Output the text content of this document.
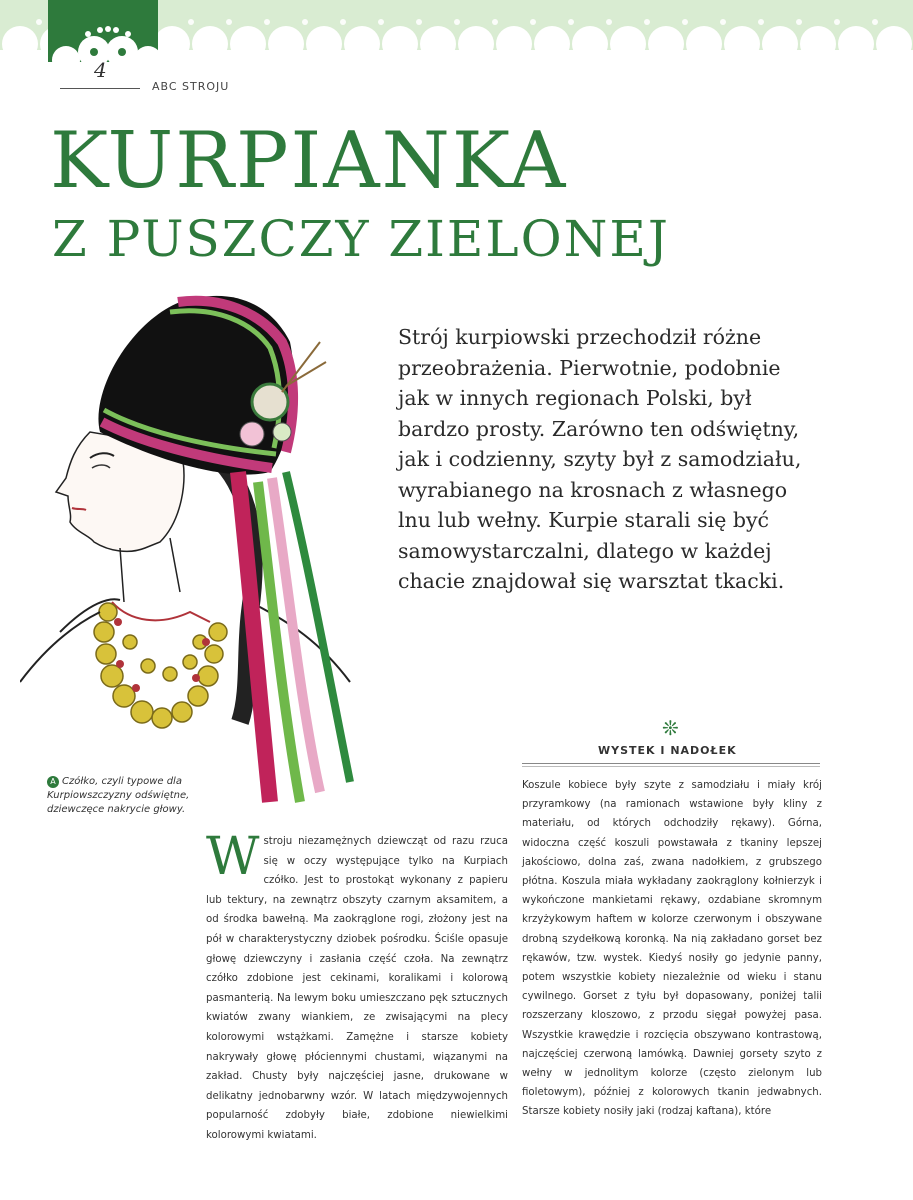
4
ABC STROJU
KURPIANKA
Z PUSZCZY ZIELONEJ
Strój kurpiowski przechodził różne przeobrażenia. Pierwotnie, podobnie jak w innych regionach Polski, był bardzo prosty. Zarówno ten odświętny, jak i codzienny, szyty był z samodziału, wyrabianego na krosnach z własnego lnu lub wełny. Kurpie starali się być samowystarczalni, dlatego w każdej chacie znajdował się warsztat tkacki.
A Czółko, czyli typowe dla Kurpiowszczyzny odświętne, dziewczęce nakrycie głowy.
Wstroju niezamężnych dziewcząt od razu rzuca się w oczy występujące tylko na Kurpiach czółko. Jest to prostokąt wykonany z papieru lub tektury, na zewnątrz obszyty czarnym aksamitem, a od środka bawełną. Ma zaokrąglone rogi, złożony jest na pół w charakterystyczny dziobek pośrodku. Ściśle opasuje głowę dziewczyny i zasłania część czoła. Na zewnątrz czółko zdobione jest cekinami, koralikami i kolorową pasmanterią. Na lewym boku umieszczano pęk sztucznych kwiatów zwany wiankiem, ze zwisającymi na plecy kolorowymi wstążkami. Zamężne i starsze kobiety nakrywały głowę płóciennymi chustami, wiązanymi na zakład. Chusty były najczęściej jasne, drukowane w delikatny jednobarwny wzór. W latach międzywojennych popularność zdobyły białe, zdobione niewielkimi kolorowymi kwiatami.
❊
WYSTEK I NADOŁEK
Koszule kobiece były szyte z samodziału i miały krój przyramkowy (na ramionach wstawione były kliny z materiału, od których odchodziły rękawy). Górna, widoczna część koszuli powstawała z tkaniny lepszej jakościowo, dolna zaś, zwana nadołkiem, z grubszego płótna. Koszula miała wykładany zaokrąglony kołnierzyk i wykończone mankietami rękawy, ozdabiane skromnym krzyżykowym haftem w kolorze czerwonym i obszywane drobną szydełkową koronką. Na nią zakładano gorset bez rękawów, tzw. wystek. Kiedyś nosiły go jedynie panny, potem wszystkie kobiety niezależnie od wieku i stanu cywilnego. Gorset z tyłu był dopasowany, poniżej talii rozszerzany kloszowo, z przodu sięgał powyżej pasa. Wszystkie krawędzie i rozcięcia obszywano kontrastową, najczęściej czerwoną lamówką. Dawniej gorsety szyto z wełny w jednolitym kolorze (często zielonym lub fioletowym), później z kolorowych tkanin jedwabnych. Starsze kobiety nosiły jaki (rodzaj kaftana), które
